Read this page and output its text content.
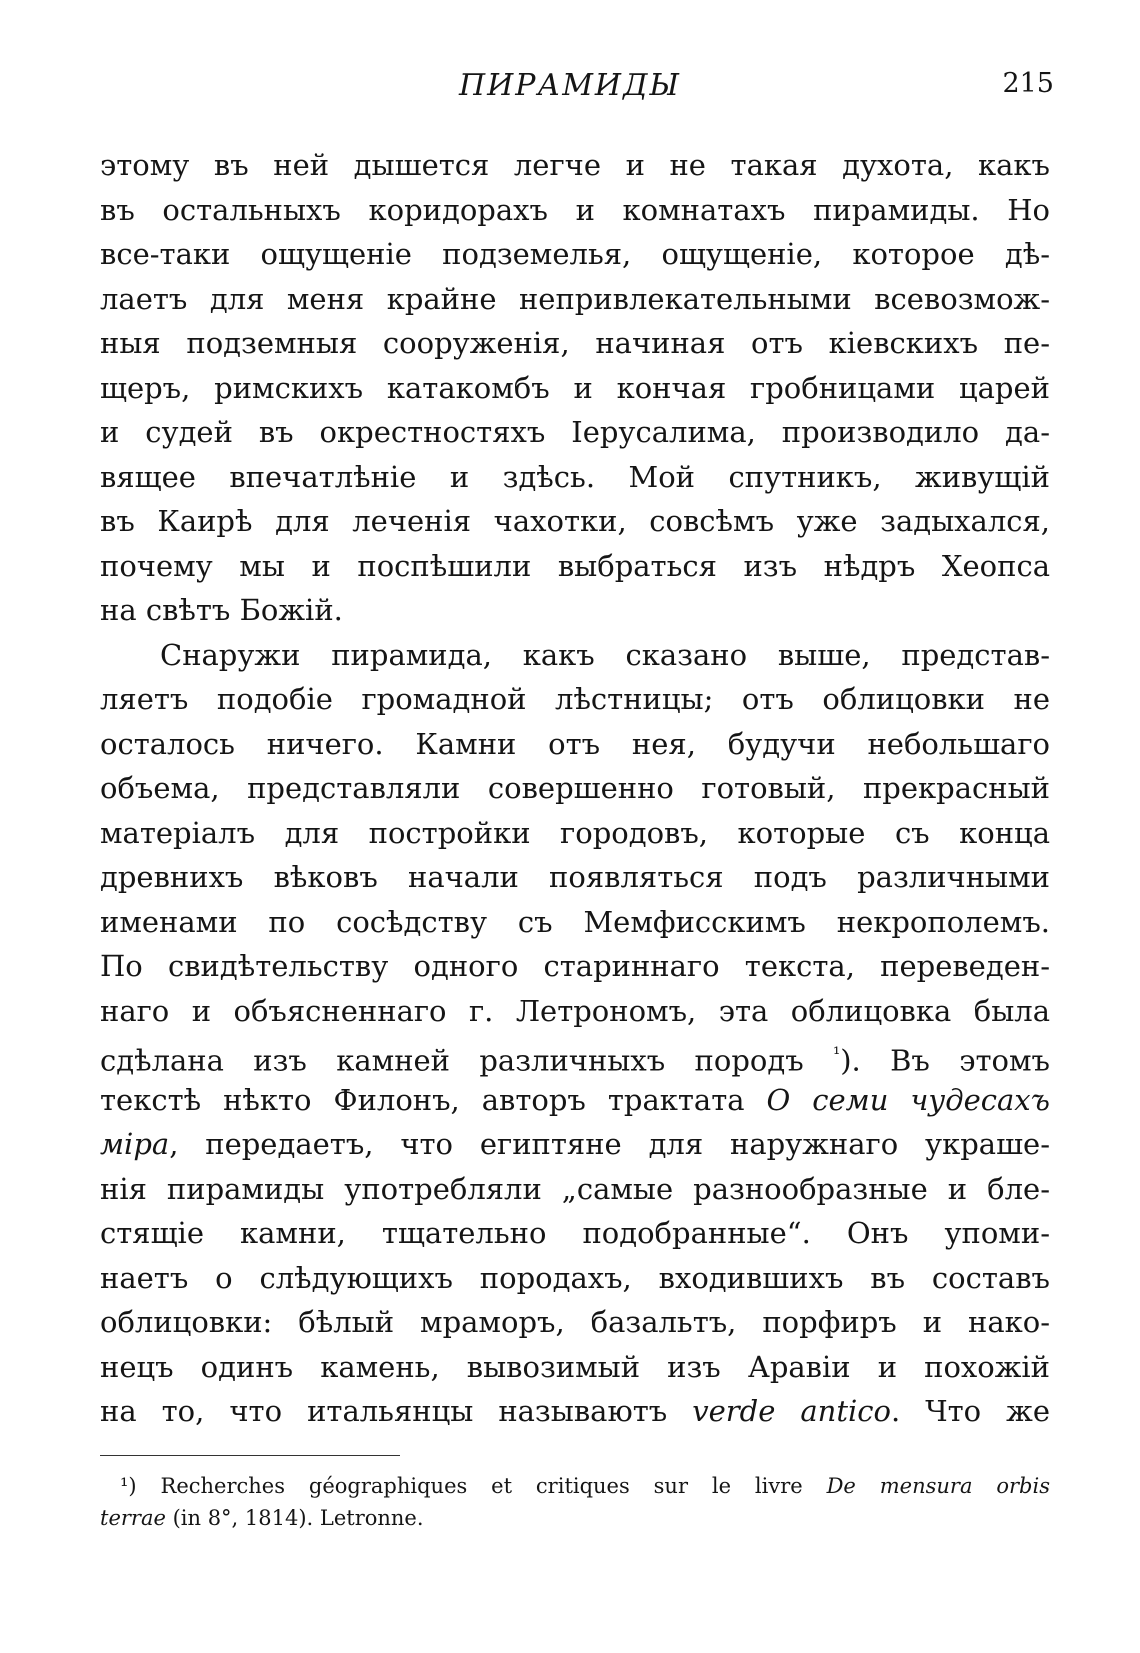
ПИРАМИДЫ	215
этому въ ней дышется легче и не такая духота, какъ
въ остальныхъ коридорахъ и комнатахъ пирамиды. Но
все-таки ощущеніе подземелья, ощущеніе, которое дѣ-
лаетъ для меня крайне непривлекательными всевозмож-
ныя подземныя сооруженія, начиная отъ кіевскихъ пе-
щеръ, римскихъ катакомбъ и кончая гробницами царей
и судей въ окрестностяхъ Іерусалима, производило да-
вящее впечатлѣніе и здѣсь. Мой спутникъ, живущій
въ Каирѣ для леченія чахотки, совсѣмъ уже задыхался,
почему мы и поспѣшили выбраться изъ нѣдръ Хеопса
на свѣтъ Божій.
Снаружи пирамида, какъ сказано выше, представ-
ляетъ подобіе громадной лѣстницы; отъ облицовки не
осталось ничего. Камни отъ нея, будучи небольшаго
объема, представляли совершенно готовый, прекрасный
матеріалъ для постройки городовъ, которые съ конца
древнихъ вѣковъ начали появляться подъ различными
именами по сосѣдству съ Мемфисскимъ некрополемъ.
По свидѣтельству одного стариннаго текста, переведен-
наго и объясненнаго г. Летрономъ, эта облицовка была
сдѣлана изъ камней различныхъ породъ $^{^1}$). Въ этомъ
текстѣ нѣкто Филонъ, авторъ трактата О семи чудесахъ
міра, передаетъ, что египтяне для наружнаго украше-
нія пирамиды употребляли „самые разнообразные и бле-
стящіе камни, тщательно подобранные“. Онъ упоми-
наетъ о слѣдующихъ породахъ, входившихъ въ составъ
облицовки: бѣлый мраморъ, базальтъ, порфиръ и нако-
нецъ одинъ камень, вывозимый изъ Аравіи и похожій
на то, что итальянцы называютъ verde antico. Что же
¹) Recherches géographiques et critiques sur le livre De mensura orbis
terrae (in 8°, 1814). Letronne.
